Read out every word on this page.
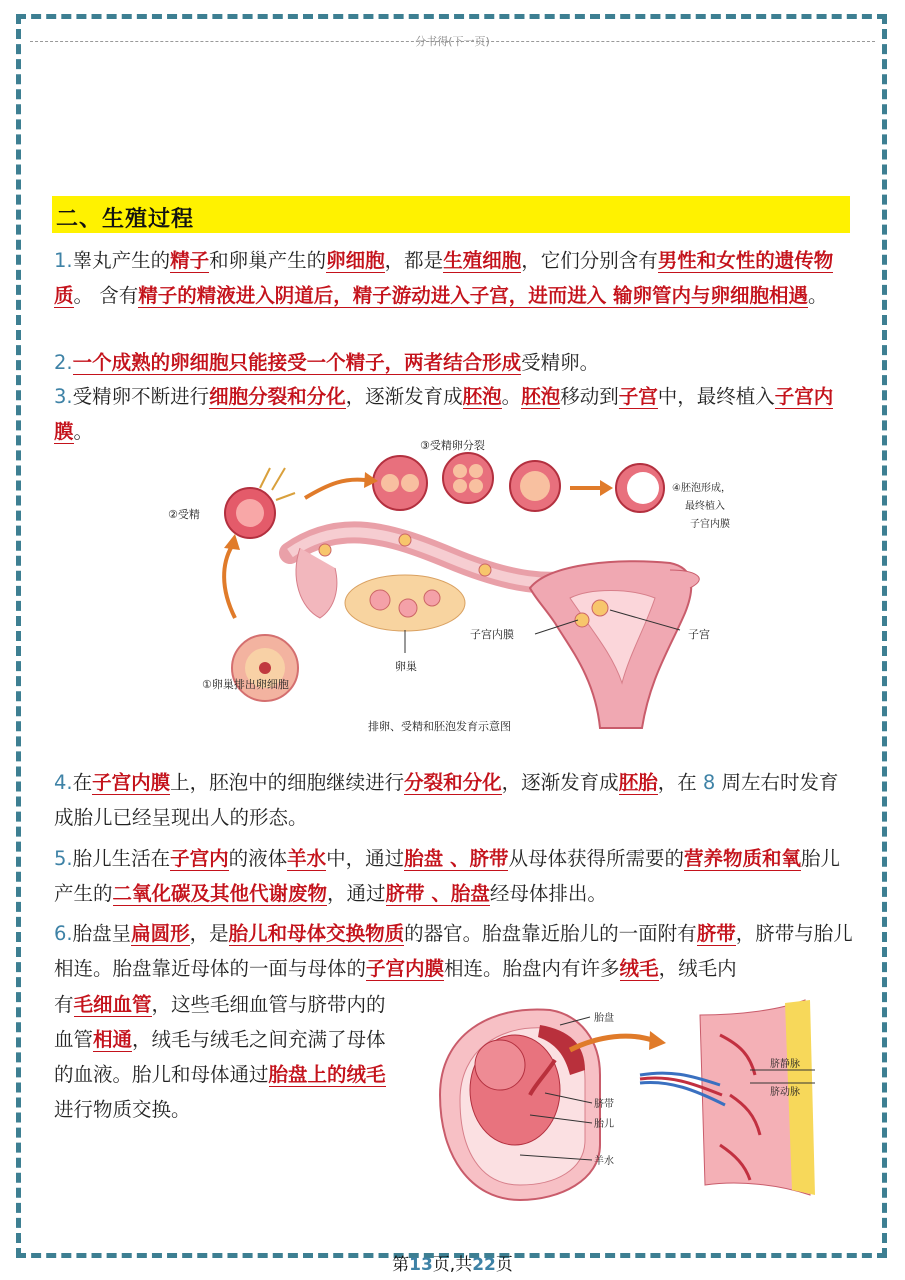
分书得(下一页)
二、生殖过程
1.睾丸产生的精子和卵巢产生的卵细胞，都是生殖细胞，它们分别含有男性和女性的遗传物质。 含有精子的精液进入阴道后，精子游动进入子宫，进而进入 输卵管内与卵细胞相遇。
2.一个成熟的卵细胞只能接受一个精子，两者结合形成受精卵。
3.受精卵不断进行细胞分裂和分化，逐渐发育成胚泡。胚泡移动到子宫中，最终植入子宫内膜。
②受精
③受精卵分裂
④胚泡形成，
最终植入
子宫内膜
①卵巢排出卵细胞
卵巢
子宫内膜	子宫
排卵、受精和胚泡发育示意图
4.在子宫内膜上，胚泡中的细胞继续进行分裂和分化，逐渐发育成胚胎，在 8 周左右时发育成胎儿已经呈现出人的形态。
5.胎儿生活在子宫内的液体羊水中，通过胎盘 、脐带从母体获得所需要的营养物质和氧胎儿产生的二氧化碳及其他代谢废物，通过脐带 、胎盘经母体排出。
6.胎盘呈扁圆形，是胎儿和母体交换物质的器官。胎盘靠近胎儿的一面附有脐带，脐带与胎儿相连。胎盘靠近母体的一面与母体的子宫内膜相连。胎盘内有许多绒毛，绒毛内
有毛细血管，这些毛细血管与脐带内的血管相通，绒毛与绒毛之间充满了母体的血液。胎儿和母体通过胎盘上的绒毛进行物质交换。
胎盘
脐带
胎儿
羊水
脐静脉
脐动脉
第13页,共22页
